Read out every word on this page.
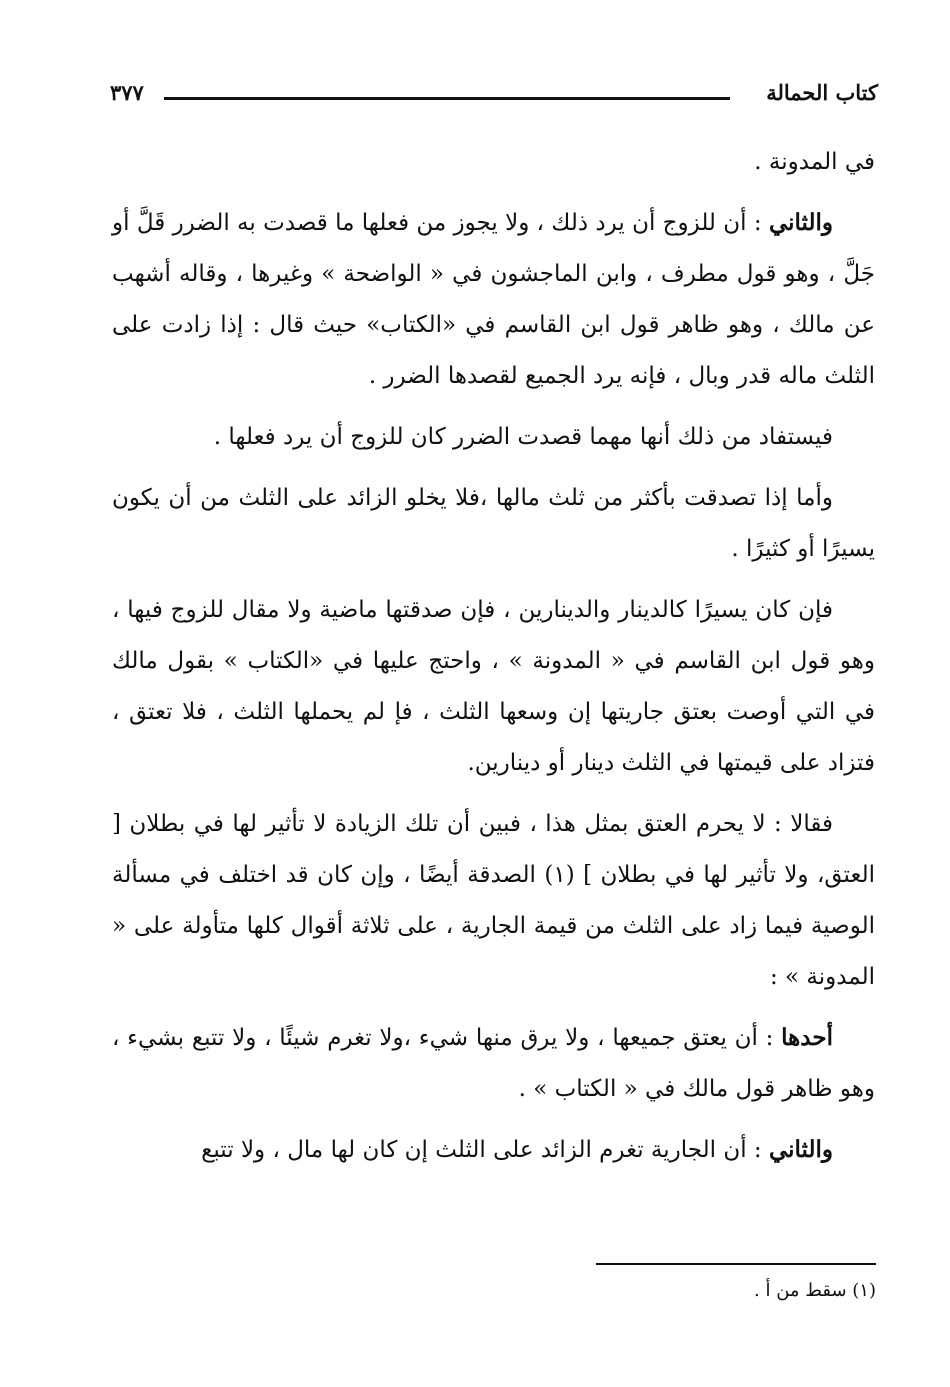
كتاب الحمالة
٣٧٧

في المدونة .

والثاني : أن للزوج أن يرد ذلك ، ولا يجوز من فعلها ما قصدت به الضرر قَلَّ أو جَلَّ ، وهو قول مطرف ، وابن الماجشون في « الواضحة » وغيرها ، وقاله أشهب عن مالك ، وهو ظاهر قول ابن القاسم في «الكتاب» حيث قال : إذا زادت على الثلث ماله قدر وبال ، فإنه يرد الجميع لقصدها الضرر .

فيستفاد من ذلك أنها مهما قصدت الضرر كان للزوج أن يرد فعلها .

وأما إذا تصدقت بأكثر من ثلث مالها ،فلا يخلو الزائد على الثلث من أن يكون يسيرًا أو كثيرًا .

فإن كان يسيرًا كالدينار والدينارين ، فإن صدقتها ماضية ولا مقال للزوج فيها ، وهو قول ابن القاسم في « المدونة » ، واحتج عليها في «الكتاب » بقول مالك في التي أوصت بعتق جاريتها إن وسعها الثلث ، فإ لم يحملها الثلث ، فلا تعتق ، فتزاد على قيمتها في الثلث دينار أو دينارين.

فقالا : لا يحرم العتق بمثل هذا ، فبين أن تلك الزيادة لا تأثير لها في بطلان [ العتق، ولا تأثير لها في بطلان ] (١) الصدقة أيضًا ، وإن كان قد اختلف في مسألة الوصية فيما زاد على الثلث من قيمة الجارية ، على ثلاثة أقوال كلها متأولة على « المدونة » :

أحدها : أن يعتق جميعها ، ولا يرق منها شيء ،ولا تغرم شيئًا ، ولا تتبع بشيء ، وهو ظاهر قول مالك في « الكتاب » .

والثاني : أن الجارية تغرم الزائد على الثلث إن كان لها مال ، ولا تتبع

(١) سقط من أ .
